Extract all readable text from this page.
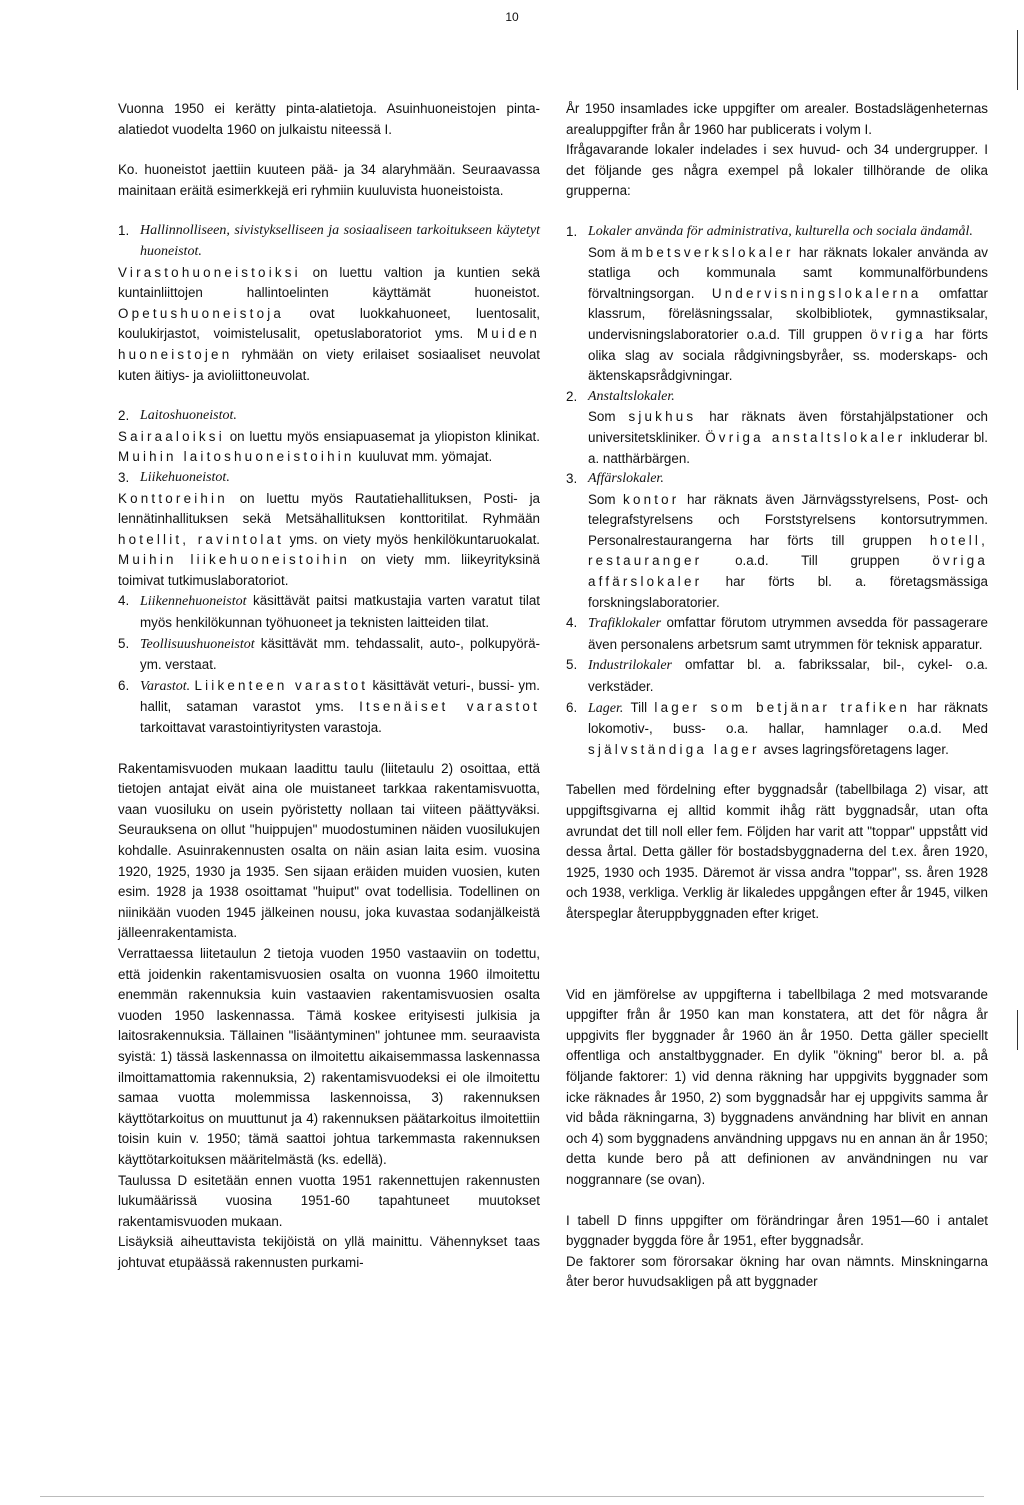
10

Vuonna 1950 ei kerätty pinta-alatietoja. Asuinhuoneistojen pinta-alatiedot vuodelta 1960 on julkaistu niteessä I.

Ko. huoneistot jaettiin kuuteen pää- ja 34 alaryhmään. Seuraavassa mainitaan eräitä esimerkkejä eri ryhmiin kuuluvista huoneistoista.

1. Hallinnolliseen, sivistykselliseen ja sosiaaliseen tarkoitukseen käytetyt huoneistot.
Virastohuoneistoiksi on luettu valtion ja kuntien sekä kuntainliittojen hallintoelinten käyttämät huoneistot. Opetushuoneistoja ovat luokkahuoneet, luentosalit, koulukirjastot, voimistelusalit, opetuslaboratoriot yms. Muiden huoneistojen ryhmään on viety erilaiset sosiaaliset neuvolat kuten äitiys- ja avioliittoneuvolat.
2. Laitoshuoneistot.
Sairaaloiksi on luettu myös ensiapuasemat ja yliopiston klinikat. Muihin laitoshuoneistoihin kuuluvat mm. yömajat.
3. Liikehuoneistot.
Konttoreihin on luettu myös Rautatiehallituksen, Posti- ja lennätinhallituksen sekä Metsähallituksen konttoritilat. Ryhmään hotellit, ravintolat yms. on viety myös henkilökuntaruokalat. Muihin liikehuoneistoihin on viety mm. liikeyrityksinä toimivat tutkimuslaboratoriot.
4. Liikennehuoneistot käsittävät paitsi matkustajia varten varatut tilat myös henkilökunnan työhuoneet ja teknisten laitteiden tilat.
5. Teollisuushuoneistot käsittävät mm. tehdassalit, auto-, polkupyörä- ym. verstaat.
6. Varastot. Liikenteen varastot käsittävät veturi-, bussi- ym. hallit, sataman varastot yms. Itsenäiset varastot tarkoittavat varastointiyritysten varastoja.

Rakentamisvuoden mukaan laadittu taulu (liitetaulu 2) osoittaa, että tietojen antajat eivät aina ole muistaneet tarkkaa rakentamisvuotta, vaan vuosiluku on usein pyöristetty nollaan tai viiteen päättyväksi. Seurauksena on ollut "huippujen" muodostuminen näiden vuosilukujen kohdalle. Asuinrakennusten osalta on näin asian laita esim. vuosina 1920, 1925, 1930 ja 1935. Sen sijaan eräiden muiden vuosien, kuten esim. 1928 ja 1938 osoittamat "huiput" ovat todellisia. Todellinen on niinikään vuoden 1945 jälkeinen nousu, joka kuvastaa sodanjälkeistä jälleenrakentamista.

Verrattaessa liitetaulun 2 tietoja vuoden 1950 vastaaviin on todettu, että joidenkin rakentamisvuosien osalta on vuonna 1960 ilmoitettu enemmän rakennuksia kuin vastaavien rakentamisvuosien osalta vuoden 1950 laskennassa. Tämä koskee erityisesti julkisia ja laitosrakennuksia. Tällainen "lisääntyminen" johtunee mm. seuraavista syistä: 1) tässä laskennassa on ilmoitettu aikaisemmassa laskennassa ilmoittamattomia rakennuksia, 2) rakentamisvuodeksi ei ole ilmoitettu samaa vuotta molemmissa laskennoissa, 3) rakennuksen käyttötarkoitus on muuttunut ja 4) rakennuksen päätarkoitus ilmoitettiin toisin kuin v. 1950; tämä saattoi johtua tarkemmasta rakennuksen käyttötarkoituksen määritelmästä (ks. edellä).

Taulussa D esitetään ennen vuotta 1951 rakennettujen rakennusten lukumäärissä vuosina 1951-60 tapahtuneet muutokset rakentamisvuoden mukaan.

Lisäyksiä aiheuttavista tekijöistä on yllä mainittu. Vähennykset taas johtuvat etupäässä rakennusten purkami-

År 1950 insamlades icke uppgifter om arealer. Bostadslägenheternas arealuppgifter från år 1960 har publicerats i volym I.

Ifrågavarande lokaler indelades i sex huvud- och 34 undergrupper. I det följande ges några exempel på lokaler tillhörande de olika grupperna:

1. Lokaler använda för administrativa, kulturella och sociala ändamål.
Som ämbetsverkslokaler har räknats lokaler använda av statliga och kommunala samt kommunalförbundens förvaltningsorgan. Undervisningslokalerna omfattar klassrum, föreläsningssalar, skolbibliotek, gymnastiksalar, undervisningslaboratorier o.a.d. Till gruppen övriga har förts olika slag av sociala rådgivningsbyråer, ss. moderskaps- och äktenskapsrådgivningar.
2. Anstaltslokaler.
Som sjukhus har räknats även förstahjälpstationer och universitetskliniker. Övriga anstaltslokaler inkluderar bl. a. natthärbärgen.
3. Affärslokaler.
Som kontor har räknats även Järnvägsstyrelsens, Post- och telegrafstyrelsens och Forststyrelsens kontorsutrymmen. Personalrestaurangerna har förts till gruppen hotell, restauranger o.a.d. Till gruppen övriga affärslokaler har förts bl. a. företagsmässiga forskningslaboratorier.
4. Trafiklokaler omfattar förutom utrymmen avsedda för passagerare även personalens arbetsrum samt utrymmen för teknisk apparatur.
5. Industrilokaler omfattar bl. a. fabrikssalar, bil-, cykel- o.a. verkstäder.
6. Lager. Till lager som betjänar trafiken har räknats lokomotiv-, buss- o.a. hallar, hamnlager o.a.d. Med självständiga lager avses lagringsföretagens lager.

Tabellen med fördelning efter byggnadsår (tabellbilaga 2) visar, att uppgiftsgivarna ej alltid kommit ihåg rätt byggnadsår, utan ofta avrundat det till noll eller fem. Följden har varit att "toppar" uppstått vid dessa årtal. Detta gäller för bostadsbyggnaderna del t.ex. åren 1920, 1925, 1930 och 1935. Däremot är vissa andra "toppar", ss. åren 1928 och 1938, verkliga. Verklig är likaledes uppgången efter år 1945, vilken återspeglar återuppbyggnaden efter kriget.

Vid en jämförelse av uppgifterna i tabellbilaga 2 med motsvarande uppgifter från år 1950 kan man konstatera, att det för några år uppgivits fler byggnader år 1960 än år 1950. Detta gäller speciellt offentliga och anstaltbyggnader. En dylik "ökning" beror bl. a. på följande faktorer: 1) vid denna räkning har uppgivits byggnader som icke räknades år 1950, 2) som byggnadsår har ej uppgivits samma år vid båda räkningarna, 3) byggnadens användning har blivit en annan och 4) som byggnadens användning uppgavs nu en annan än år 1950; detta kunde bero på att definionen av användningen nu var noggrannare (se ovan).

I tabell D finns uppgifter om förändringar åren 1951—60 i antalet byggnader byggda före år 1951, efter byggnadsår.

De faktorer som förorsakar ökning har ovan nämnts. Minskningarna åter beror huvudsakligen på att byggnader
